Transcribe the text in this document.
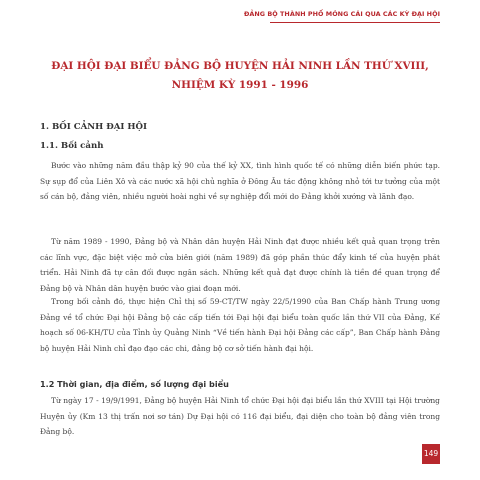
ĐẢNG BỘ THÀNH PHỐ MÓNG CÁI QUA CÁC KỲ ĐẠI HỘI
ĐẠI HỘI ĐẠI BIỂU ĐẢNG BỘ HUYỆN HẢI NINH LẦN THỨ XVIII,
NHIỆM KỲ 1991 - 1996
1. BỐI CẢNH ĐẠI HỘI
1.1. Bối cảnh

Bước vào những năm đầu thập kỷ 90 của thế kỷ XX, tình hình quốc tế có những diễn biến phức tạp. Sự sụp đổ của Liên Xô và các nước xã hội chủ nghĩa ở Đông Âu tác động không nhỏ tới tư tưởng của một số cán bộ, đảng viên, nhiều người hoài nghi về sự nghiệp đổi mới do Đảng khởi xướng và lãnh đạo.

Từ năm 1989 - 1990, Đảng bộ và Nhân dân huyện Hải Ninh đạt được nhiều kết quả quan trọng trên các lĩnh vực, đặc biệt việc mở cửa biên giới (năm 1989) đã góp phần thúc đẩy kinh tế của huyện phát triển. Hải Ninh đã tự cân đối được ngân sách. Những kết quả đạt được chính là tiền đề quan trọng để Đảng bộ và Nhân dân huyện bước vào giai đoạn mới.

Trong bối cảnh đó, thực hiện Chỉ thị số 59-CT/TW ngày 22/5/1990 của Ban Chấp hành Trung ương Đảng về tổ chức Đại hội Đảng bộ các cấp tiến tới Đại hội đại biểu toàn quốc lần thứ VII của Đảng, Kế hoạch số 06-KH/TU của Tỉnh ủy Quảng Ninh “Về tiến hành Đại hội Đảng các cấp”, Ban Chấp hành Đảng bộ huyện Hải Ninh chỉ đạo đạo các chi, đảng bộ cơ sở tiến hành đại hội.

1.2 Thời gian, địa điểm, số lượng đại biểu

Từ ngày 17 - 19/9/1991, Đảng bộ huyện Hải Ninh tổ chức Đại hội đại biểu lần thứ XVIII tại Hội trường Huyện ủy (Km 13 thị trấn nơi sơ tán) Dự Đại hội có 116 đại biểu, đại diện cho toàn bộ đảng viên trong Đảng bộ.

149
